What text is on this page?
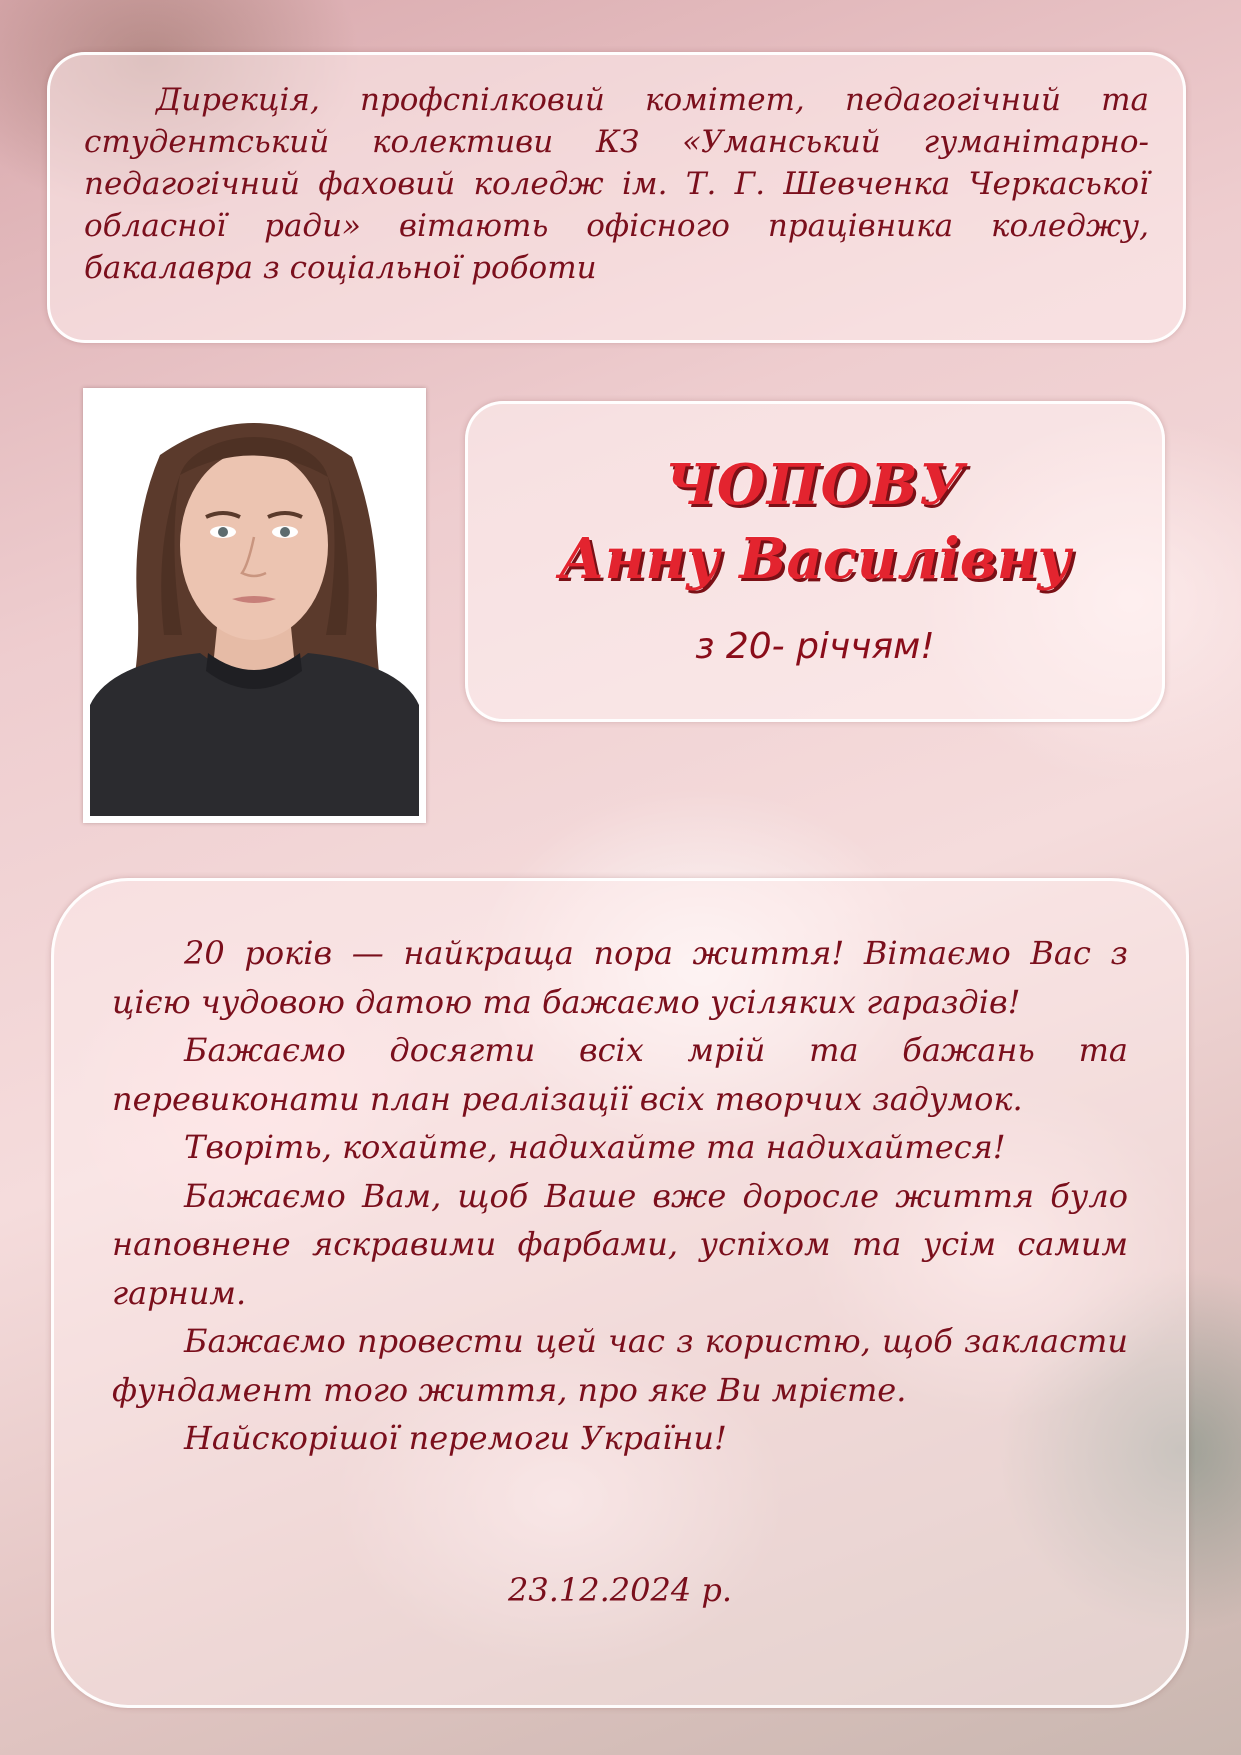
Дирекція, профспілковий комітет, педагогічний та студентський колективи КЗ «Уманський гуманітарно-педагогічний фаховий коледж ім. Т. Г. Шевченка Черкаської обласної ради» вітають офісного працівника коледжу, бакалавра з соціальної роботи

ЧОПОВУ
Анну Василівну
з 20- річчям!

20 років — найкраща пора життя! Вітаємо Вас з цією чудовою датою та бажаємо усіляких гараздів!

Бажаємо досягти всіх мрій та бажань та перевиконати план реалізації всіх творчих задумок.

Творіть, кохайте, надихайте та надихайтеся!

Бажаємо Вам, щоб Ваше вже доросле життя було наповнене яскравими фарбами, успіхом та усім самим гарним.

Бажаємо провести цей час з користю, щоб закласти фундамент того життя, про яке Ви мрієте.

Найскорішої перемоги України!

23.12.2024 р.
